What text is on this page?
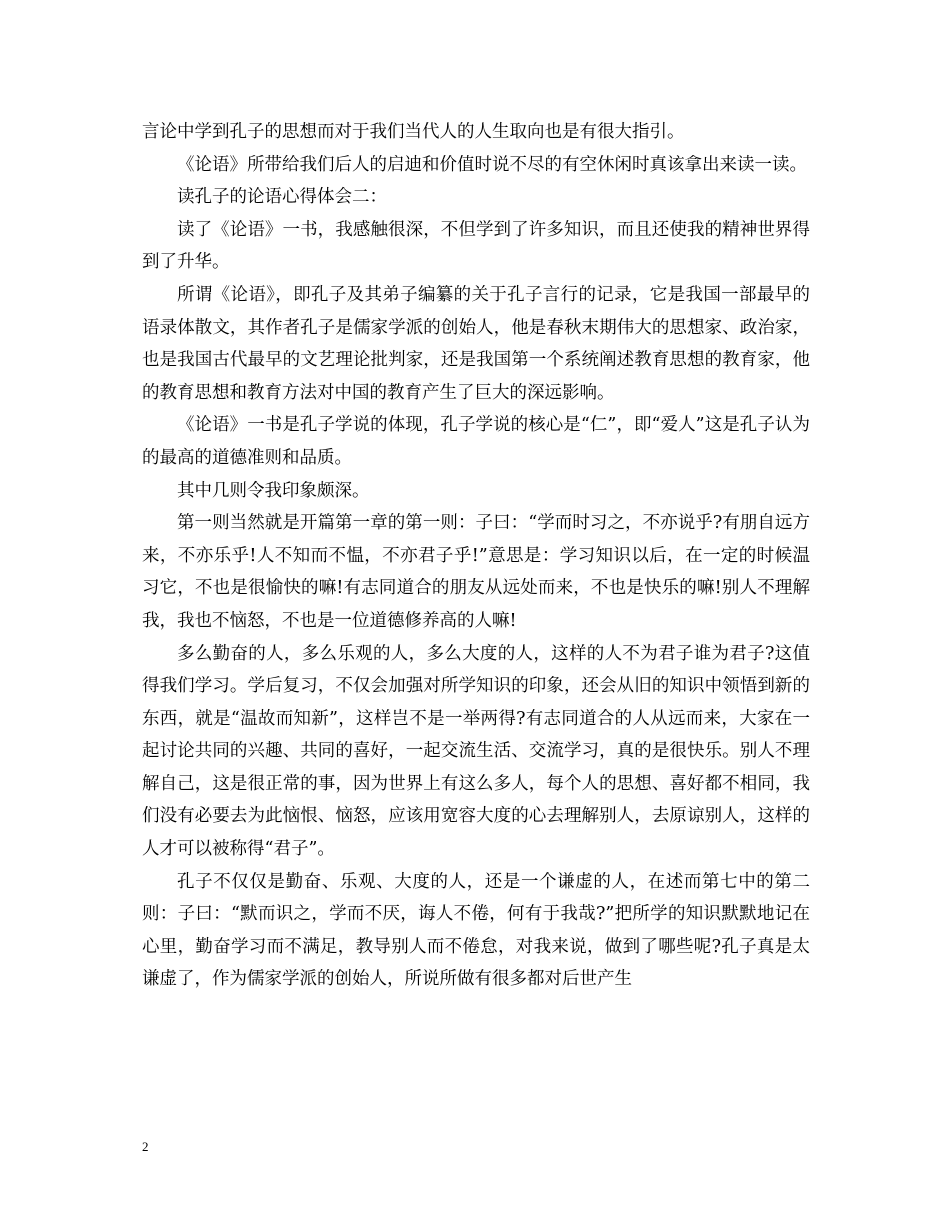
言论中学到孔子的思想而对于我们当代人的人生取向也是有很大指引。

《论语》所带给我们后人的启迪和价值时说不尽的有空休闲时真该拿出来读一读。

读孔子的论语心得体会二：

读了《论语》一书，我感触很深，不但学到了许多知识，而且还使我的精神世界得到了升华。

所谓《论语》，即孔子及其弟子编纂的关于孔子言行的记录，它是我国一部最早的语录体散文，其作者孔子是儒家学派的创始人，他是春秋末期伟大的思想家、政治家，也是我国古代最早的文艺理论批判家，还是我国第一个系统阐述教育思想的教育家，他的教育思想和教育方法对中国的教育产生了巨大的深远影响。

《论语》一书是孔子学说的体现，孔子学说的核心是“仁”，即“爱人”这是孔子认为的最高的道德准则和品质。

其中几则令我印象颇深。

第一则当然就是开篇第一章的第一则：子曰：“学而时习之，不亦说乎?有朋自远方来，不亦乐乎!人不知而不愠，不亦君子乎!”意思是：学习知识以后，在一定的时候温习它，不也是很愉快的嘛!有志同道合的朋友从远处而来，不也是快乐的嘛!别人不理解我，我也不恼怒，不也是一位道德修养高的人嘛!

多么勤奋的人，多么乐观的人，多么大度的人，这样的人不为君子谁为君子?这值得我们学习。学后复习，不仅会加强对所学知识的印象，还会从旧的知识中领悟到新的东西，就是“温故而知新”，这样岂不是一举两得?有志同道合的人从远而来，大家在一起讨论共同的兴趣、共同的喜好，一起交流生活、交流学习，真的是很快乐。别人不理解自己，这是很正常的事，因为世界上有这么多人，每个人的思想、喜好都不相同，我们没有必要去为此恼恨、恼怒，应该用宽容大度的心去理解别人，去原谅别人，这样的人才可以被称得“君子”。

孔子不仅仅是勤奋、乐观、大度的人，还是一个谦虚的人，在述而第七中的第二则：子曰：“默而识之，学而不厌，诲人不倦，何有于我哉?”把所学的知识默默地记在心里，勤奋学习而不满足，教导别人而不倦怠，对我来说，做到了哪些呢?孔子真是太谦虚了，作为儒家学派的创始人，所说所做有很多都对后世产生

2
